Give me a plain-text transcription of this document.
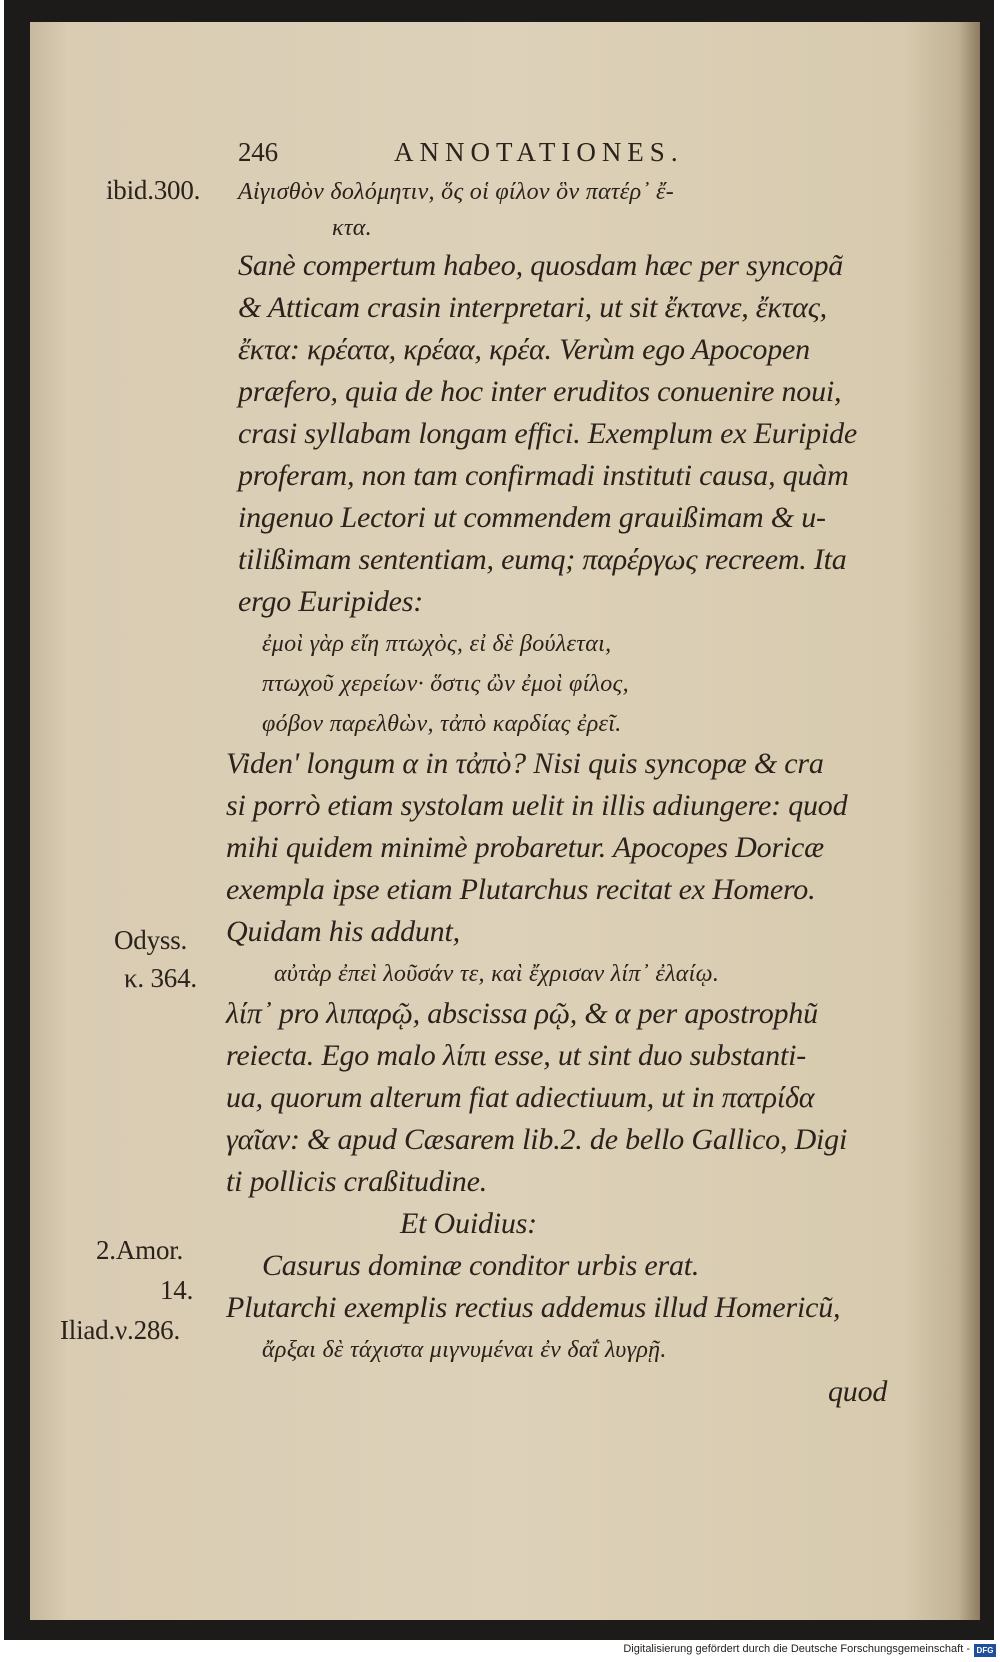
246	ANNOTATIONES.
ibid.300.
Odyss.
κ. 364.
2.Amor.
14.
Iliad.ν.286.
Αἰγισθὸν δολόμητιν, ὅς οἱ φίλον ὃν πατέρ᾽ ἔ-
κτα.
Sanè compertum habeo, quosdam hæc per syncopã
& Atticam crasin interpretari, ut sit ἔκτανε, ἔκτας,
ἔκτα: κρέατα, κρέαα, κρέα. Verùm ego Apocopen
præfero, quia de hoc inter eruditos conuenire noui,
crasi syllabam longam effici. Exemplum ex Euripide
proferam, non tam confirmadi instituti causa, quàm
ingenuo Lectori ut commendem grauißimam & u-
tilißimam sententiam, eumq; παρέργως recreem. Ita
ergo Euripides:
ἐμοὶ γὰρ εἴη πτωχὸς, εἰ δὲ βούλεται,
πτωχοῦ χερείων· ὅστις ὢν ἐμοὶ φίλος,
φόβον παρελθὼν, τἀπὸ καρδίας ἐρεῖ.
Viden' longum α in τἀπὸ? Nisi quis syncopæ & cra
si porrò etiam systolam uelit in illis adiungere: quod
mihi quidem minimè probaretur. Apocopes Doricæ
exempla ipse etiam Plutarchus recitat ex Homero.
Quidam his addunt,
αὐτὰρ ἐπεὶ λοῦσάν τε, καὶ ἔχρισαν λίπ᾽ ἐλαίῳ.
λίπ᾽ pro λιπαρῷ, abscissa ρῷ, & α per apostrophũ
reiecta. Ego malo λίπι esse, ut sint duo substanti-
ua, quorum alterum fiat adiectiuum, ut in πατρίδα
γαῖαν: & apud Cæsarem lib.2. de bello Gallico, Digi
ti pollicis craßitudine.
Et Ouidius:
Casurus dominæ conditor urbis erat.
Plutarchi exemplis rectius addemus illud Homericũ,
ἄρξαι δὲ τάχιστα μιγνυμέναι ἐν δαΐ λυγρῇ.
quod
Digitalisierung gefördert durch die Deutsche Forschungsgemeinschaft - DFG
